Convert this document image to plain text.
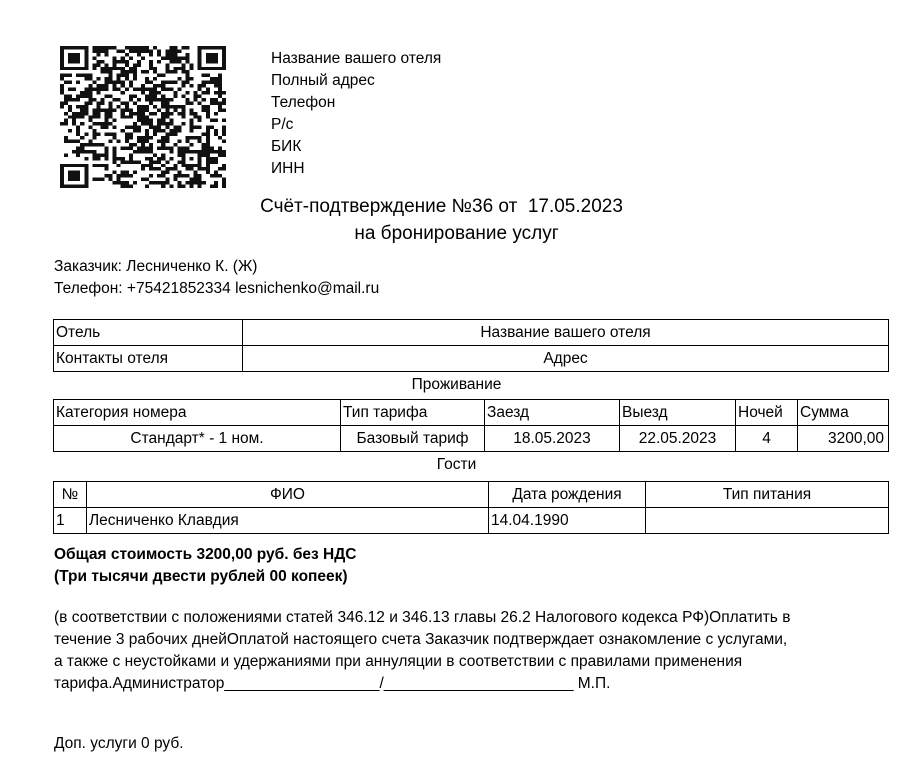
Название вашего отеля
Полный адрес
Телефон
Р/с
БИК
ИНН
Счёт-подтверждение №36 от  17.05.2023
на бронирование услуг
Заказчик: Лесниченко К. (Ж)
Телефон: +75421852334 lesnichenko@mail.ru
Отель	Название вашего отеля
Контакты отеля	Адрес
Проживание
Категория номера	Тип тарифа	Заезд	Выезд	Ночей	Сумма
Стандарт* - 1 ном.	Базовый тариф	18.05.2023	22.05.2023	4	3200,00
Гости
№	ФИО	Дата рождения	Тип питания
1	Лесниченко Клавдия	14.04.1990	
Общая стоимость 3200,00 руб. без НДС
(Три тысячи двести рублей 00 копеек)
(в соответствии с положениями статей 346.12 и 346.13 главы 26.2 Налогового кодекса РФ)Оплатить в
течение 3 рабочих днейОплатой настоящего счета Заказчик подтверждает ознакомление с услугами,
а также с неустойками и удержаниями при аннуляции в соответствии с правилами применения
тарифа.Администратор__________________/______________________ М.П.
Доп. услуги 0 руб.
